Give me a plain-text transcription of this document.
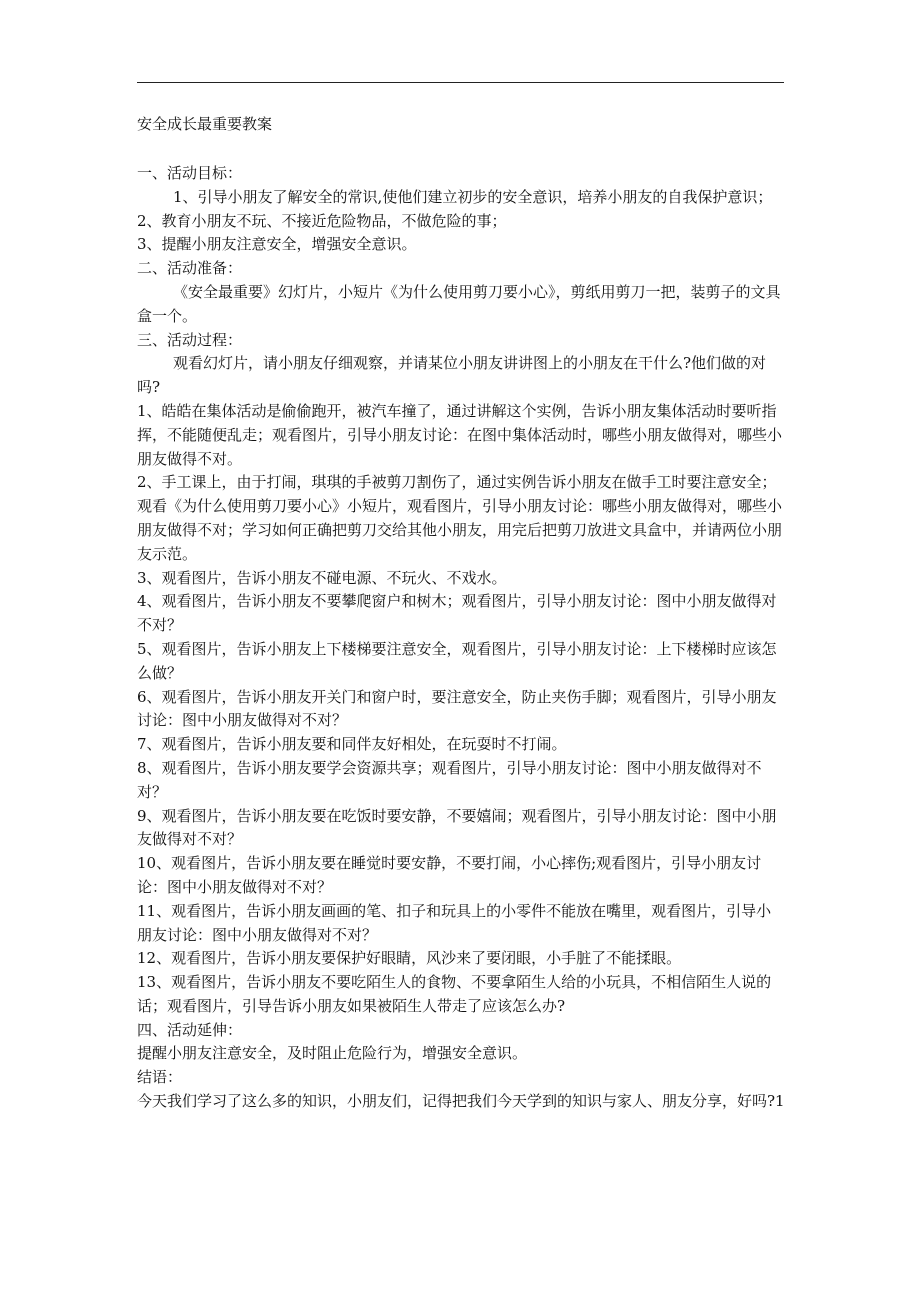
安全成长最重要教案

一、活动目标：

1、引导小朋友了解安全的常识,使他们建立初步的安全意识，培养小朋友的自我保护意识；

2、教育小朋友不玩、不接近危险物品，不做危险的事；

3、提醒小朋友注意安全，增强安全意识。

二、活动准备：

《安全最重要》幻灯片，小短片《为什么使用剪刀要小心》，剪纸用剪刀一把，装剪子的文具盒一个。

三、活动过程：

观看幻灯片，请小朋友仔细观察，并请某位小朋友讲讲图上的小朋友在干什么?他们做的对吗?

1、皓皓在集体活动是偷偷跑开，被汽车撞了，通过讲解这个实例，告诉小朋友集体活动时要听指挥，不能随便乱走；观看图片，引导小朋友讨论：在图中集体活动时，哪些小朋友做得对，哪些小朋友做得不对。

2、手工课上，由于打闹，琪琪的手被剪刀割伤了，通过实例告诉小朋友在做手工时要注意安全；观看《为什么使用剪刀要小心》小短片，观看图片，引导小朋友讨论：哪些小朋友做得对，哪些小朋友做得不对；学习如何正确把剪刀交给其他小朋友，用完后把剪刀放进文具盒中，并请两位小朋友示范。

3、观看图片，告诉小朋友不碰电源、不玩火、不戏水。

4、观看图片，告诉小朋友不要攀爬窗户和树木；观看图片，引导小朋友讨论：图中小朋友做得对不对？

5、观看图片，告诉小朋友上下楼梯要注意安全，观看图片，引导小朋友讨论：上下楼梯时应该怎么做？

6、观看图片，告诉小朋友开关门和窗户时，要注意安全，防止夹伤手脚；观看图片，引导小朋友讨论：图中小朋友做得对不对？

7、观看图片，告诉小朋友要和同伴友好相处，在玩耍时不打闹。

8、观看图片，告诉小朋友要学会资源共享；观看图片，引导小朋友讨论：图中小朋友做得对不对？

9、观看图片，告诉小朋友要在吃饭时要安静，不要嬉闹；观看图片，引导小朋友讨论：图中小朋友做得对不对？

10、观看图片，告诉小朋友要在睡觉时要安静，不要打闹，小心摔伤;观看图片，引导小朋友讨论：图中小朋友做得对不对？

11、观看图片，告诉小朋友画画的笔、扣子和玩具上的小零件不能放在嘴里，观看图片，引导小朋友讨论：图中小朋友做得对不对？

12、观看图片，告诉小朋友要保护好眼睛，风沙来了要闭眼，小手脏了不能揉眼。

13、观看图片，告诉小朋友不要吃陌生人的食物、不要拿陌生人给的小玩具，不相信陌生人说的话；观看图片，引导告诉小朋友如果被陌生人带走了应该怎么办?

四、活动延伸：

提醒小朋友注意安全，及时阻止危险行为，增强安全意识。

结语：

今天我们学习了这么多的知识，小朋友们，记得把我们今天学到的知识与家人、朋友分享，好吗?1
